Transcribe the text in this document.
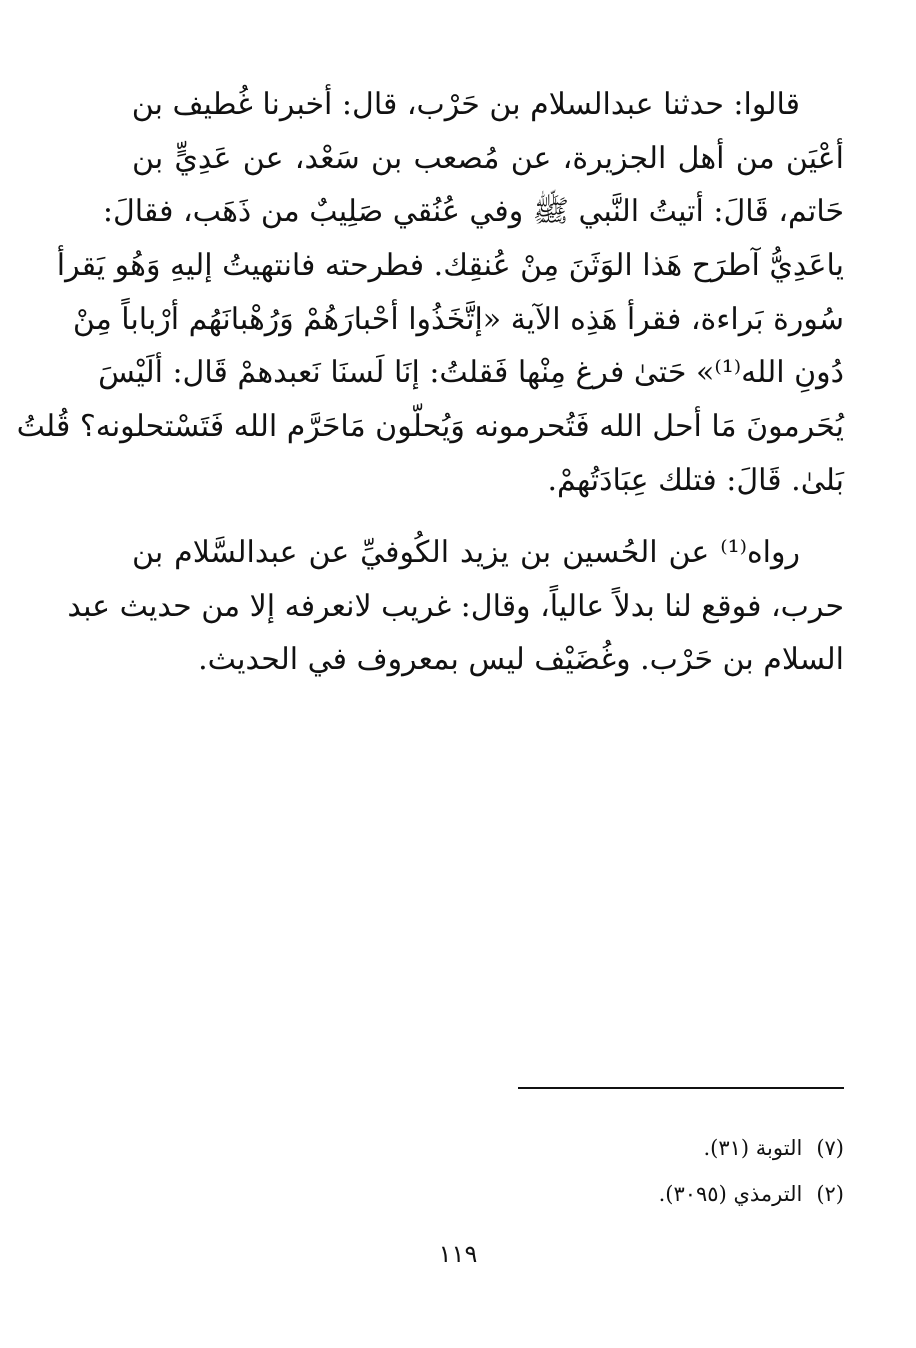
قالوا: حدثنا عبدالسلام بن حَرْب، قال: أخبرنا غُطيف بن
أعْيَن من أهل الجزيرة، عن مُصعب بن سَعْد، عن عَدِيٍّ بن
حَاتم، قَالَ: أتيتُ النَّبي ﷺ وفي عُنُقي صَلِيبٌ من ذَهَب، فقالَ:
ياعَدِيُّ آطرَح هَذا الوَثَنَ مِنْ عُنقِك. فطرحته فانتهيتُ إليهِ وَهُو يَقرأ
سُورة بَراءة، فقرأ هَذِه الآية «إتَّخَذُوا أحْبارَهُمْ وَرُهْبانَهُم أرْباباً مِنْ
دُونِ الله⁽¹⁾» حَتىٰ فرغ مِنْها فَقلتُ: إنَا لَسنَا نَعبدهمْ قَال: ألَيْسَ
يُحَرمونَ مَا أحل الله فَتُحرمونه وَيُحلّون مَاحَرَّم الله فَتَسْتحلونه؟ قُلتُ
بَلىٰ. قَالَ: فتلك عِبَادَتُهمْ.
رواه⁽¹⁾ عن الحُسين بن يزيد الكُوفيِّ عن عبدالسَّلام بن
حرب، فوقع لنا بدلاً عالياً، وقال: غريب لانعرفه إلا من حديث عبد
السلام بن حَرْب. وغُضَيْف ليس بمعروف في الحديث.
(٧)التوبة (٣١).
(٢)الترمذي (٣٠٩٥).
١١٩
